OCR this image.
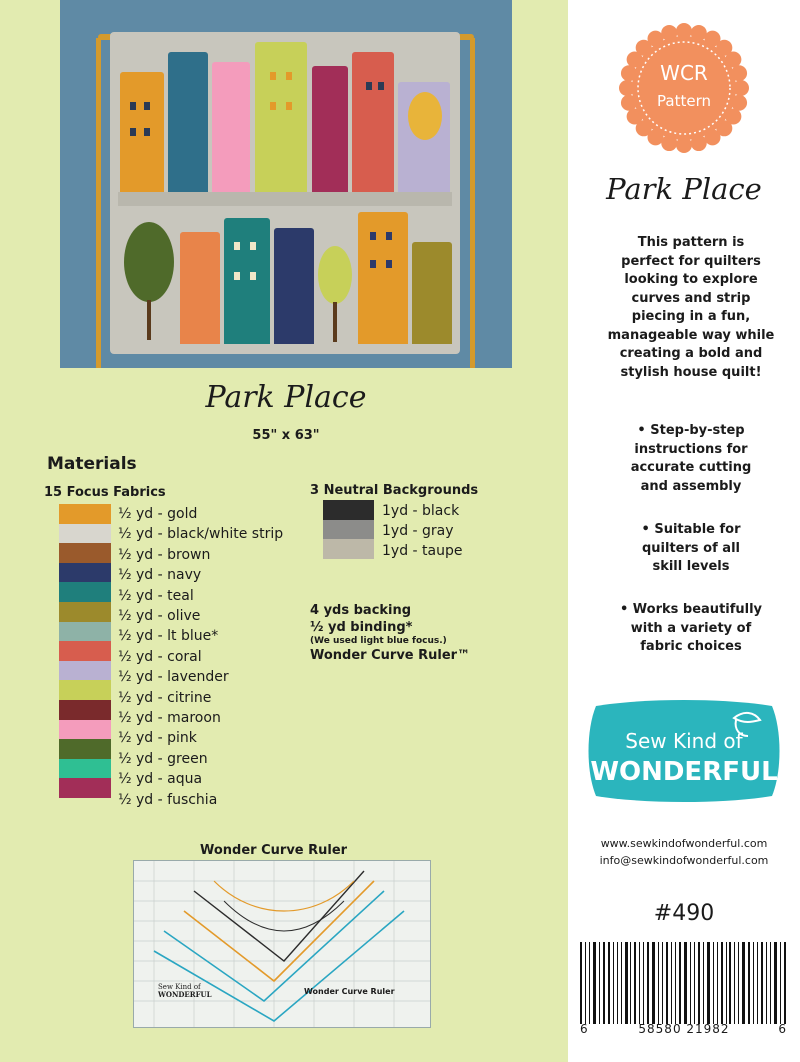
Park Place
55" x 63"
Materials
15 Focus Fabrics
½ yd - gold
½ yd - black/white strip
½ yd - brown
½ yd - navy
½ yd - teal
½ yd - olive
½ yd - lt blue*
½ yd - coral
½ yd - lavender
½ yd - citrine
½ yd - maroon
½ yd - pink
½ yd - green
½ yd - aqua
½ yd - fuschia
3 Neutral Backgrounds
1yd - black
1yd - gray
1yd - taupe
4 yds backing
½ yd binding*
(We used light blue focus.)
Wonder Curve Ruler™
Wonder Curve Ruler
Sew Kind of
WONDERFUL	Wonder Curve Ruler
WCR
Pattern
Park Place
This pattern is
perfect for quilters
looking to explore
curves and strip
piecing in a fun,
manageable way while
creating a bold and
stylish house quilt!
• Step-by-step
instructions for
accurate cutting
and assembly
• Suitable for
quilters of all
skill levels
• Works beautifully
with a variety of
fabric choices
Sew Kind of
WONDERFUL
www.sewkindofwonderful.com
info@sewkindofwonderful.com
#490
6	58580 21982	6
